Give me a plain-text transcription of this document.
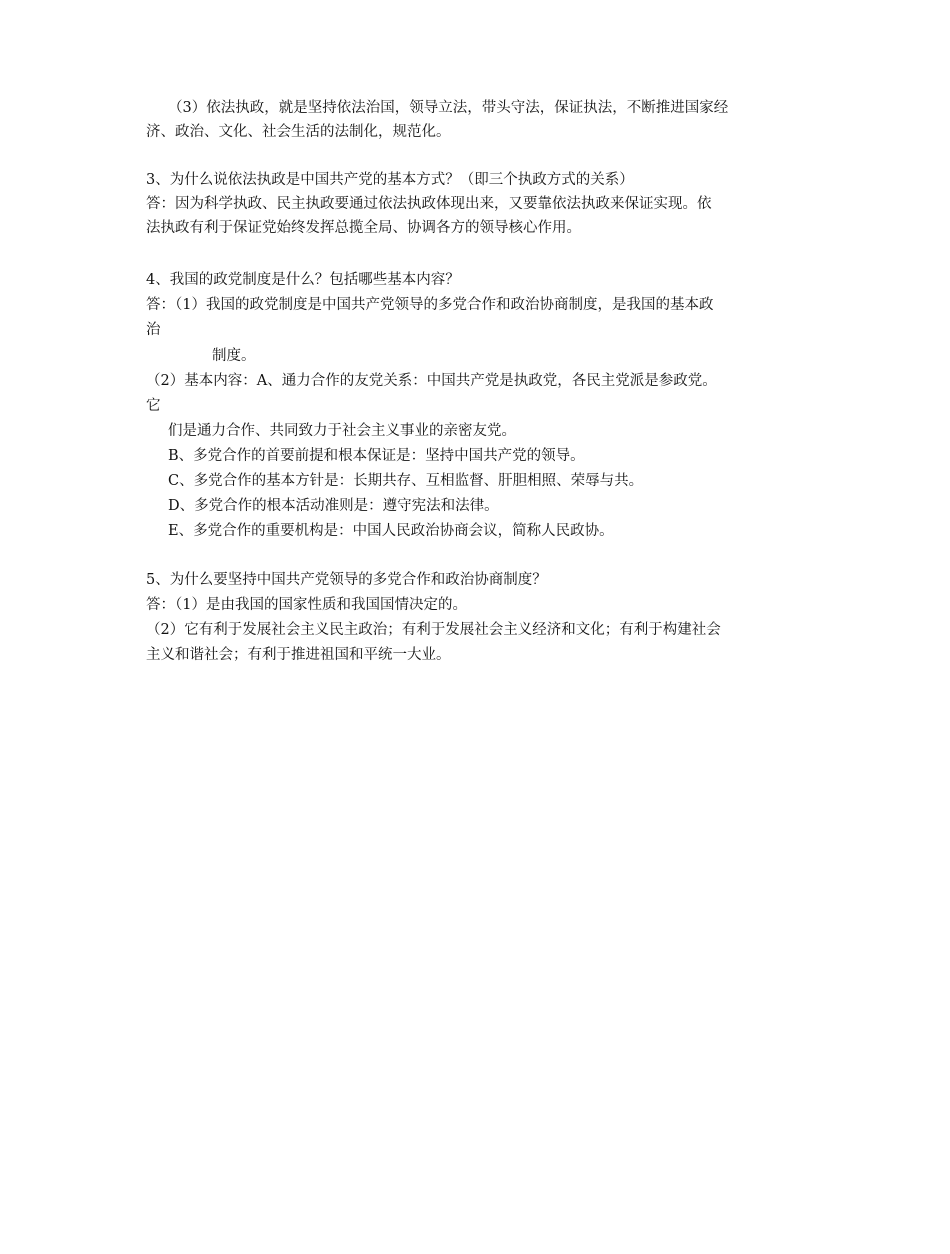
（3）依法执政，就是坚持依法治国，领导立法，带头守法，保证执法，不断推进国家经
济、政治、文化、社会生活的法制化，规范化。
3、为什么说依法执政是中国共产党的基本方式？（即三个执政方式的关系）
答：因为科学执政、民主执政要通过依法执政体现出来，又要靠依法执政来保证实现。依
法执政有利于保证党始终发挥总揽全局、协调各方的领导核心作用。
4、我国的政党制度是什么？包括哪些基本内容？
答：（1）我国的政党制度是中国共产党领导的多党合作和政治协商制度，是我国的基本政
治
制度。
（2）基本内容：A、通力合作的友党关系：中国共产党是执政党，各民主党派是参政党。
它
们是通力合作、共同致力于社会主义事业的亲密友党。
B、多党合作的首要前提和根本保证是：坚持中国共产党的领导。
C、多党合作的基本方针是：长期共存、互相监督、肝胆相照、荣辱与共。
D、多党合作的根本活动准则是：遵守宪法和法律。
E、多党合作的重要机构是：中国人民政治协商会议，简称人民政协。
5、为什么要坚持中国共产党领导的多党合作和政治协商制度？
答：（1）是由我国的国家性质和我国国情决定的。
（2）它有利于发展社会主义民主政治；有利于发展社会主义经济和文化；有利于构建社会
主义和谐社会；有利于推进祖国和平统一大业。
